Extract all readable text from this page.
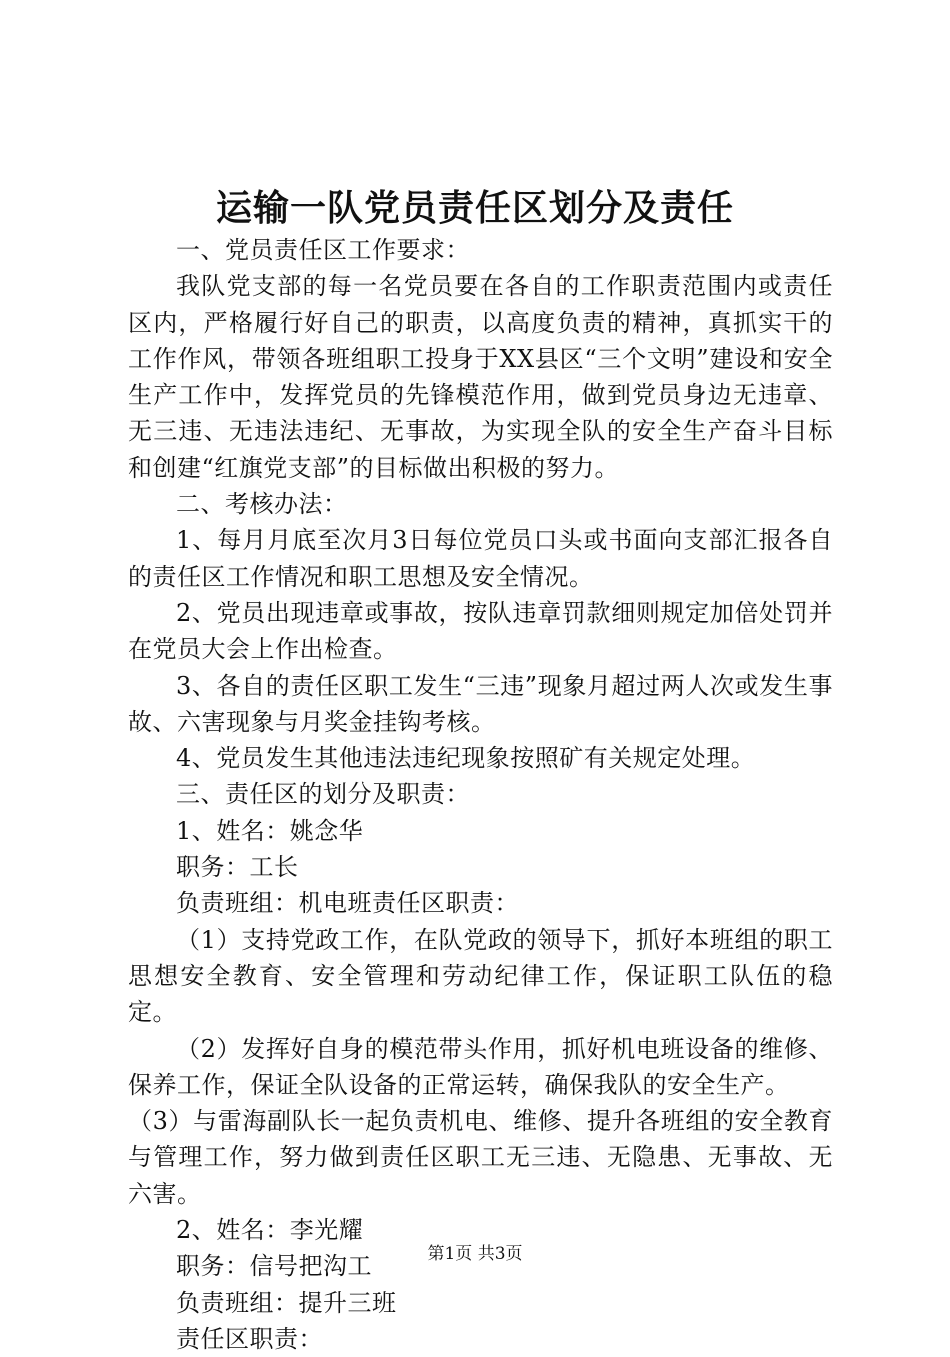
运输一队党员责任区划分及责任

一、党员责任区工作要求：

我队党支部的每一名党员要在各自的工作职责范围内或责任区内，严格履行好自己的职责，以高度负责的精神，真抓实干的工作作风，带领各班组职工投身于XX县区“三个文明”建设和安全生产工作中，发挥党员的先锋模范作用，做到党员身边无违章、无三违、无违法违纪、无事故，为实现全队的安全生产奋斗目标和创建“红旗党支部”的目标做出积极的努力。

二、考核办法：

1、每月月底至次月3日每位党员口头或书面向支部汇报各自的责任区工作情况和职工思想及安全情况。

2、党员出现违章或事故，按队违章罚款细则规定加倍处罚并在党员大会上作出检查。

3、各自的责任区职工发生“三违”现象月超过两人次或发生事故、六害现象与月奖金挂钩考核。

4、党员发生其他违法违纪现象按照矿有关规定处理。

三、责任区的划分及职责：

1、姓名：姚念华

职务：工长

负责班组：机电班责任区职责：

（1）支持党政工作，在队党政的领导下，抓好本班组的职工思想安全教育、安全管理和劳动纪律工作，保证职工队伍的稳定。

（2）发挥好自身的模范带头作用，抓好机电班设备的维修、保养工作，保证全队设备的正常运转，确保我队的安全生产。

（3）与雷海副队长一起负责机电、维修、提升各班组的安全教育与管理工作，努力做到责任区职工无三违、无隐患、无事故、无六害。

2、姓名：李光耀

职务：信号把沟工

负责班组：提升三班

责任区职责：

第1页 共3页
